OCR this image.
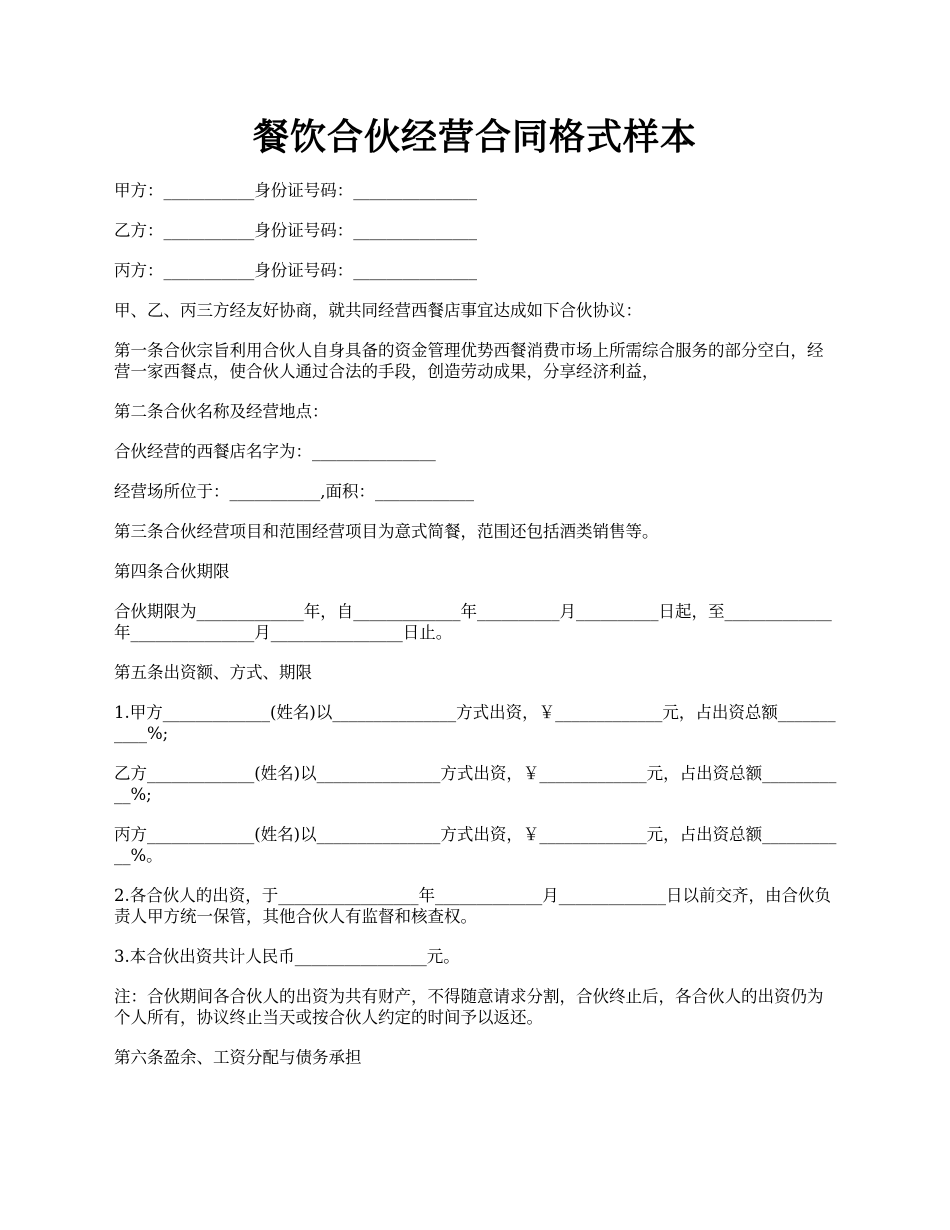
餐饮合伙经营合同格式样本

甲方：___________身份证号码：_______________

乙方：___________身份证号码：_______________

丙方：___________身份证号码：_______________

甲、乙、丙三方经友好协商，就共同经营西餐店事宜达成如下合伙协议：

第一条合伙宗旨利用合伙人自身具备的资金管理优势西餐消费市场上所需综合服务的部分空白，经营一家西餐点，使合伙人通过合法的手段，创造劳动成果，分享经济利益，

第二条合伙名称及经营地点：

合伙经营的西餐店名字为：_______________

经营场所位于：___________,面积：____________

第三条合伙经营项目和范围经营项目为意式简餐，范围还包括酒类销售等。

第四条合伙期限

合伙期限为_____________年，自_____________年__________月__________日起，至_____________年_______________月________________日止。

第五条出资额、方式、期限

1.甲方_____________(姓名)以_______________方式出资，￥_____________元，占出资总额___________%;

乙方_____________(姓名)以_______________方式出资，￥_____________元，占出资总额___________%;

丙方_____________(姓名)以_______________方式出资，￥_____________元，占出资总额___________%。

2.各合伙人的出资，于_________________年_____________月_____________日以前交齐，由合伙负责人甲方统一保管，其他合伙人有监督和核查权。

3.本合伙出资共计人民币________________元。

注：合伙期间各合伙人的出资为共有财产，不得随意请求分割，合伙终止后，各合伙人的出资仍为个人所有，协议终止当天或按合伙人约定的时间予以返还。

第六条盈余、工资分配与债务承担
